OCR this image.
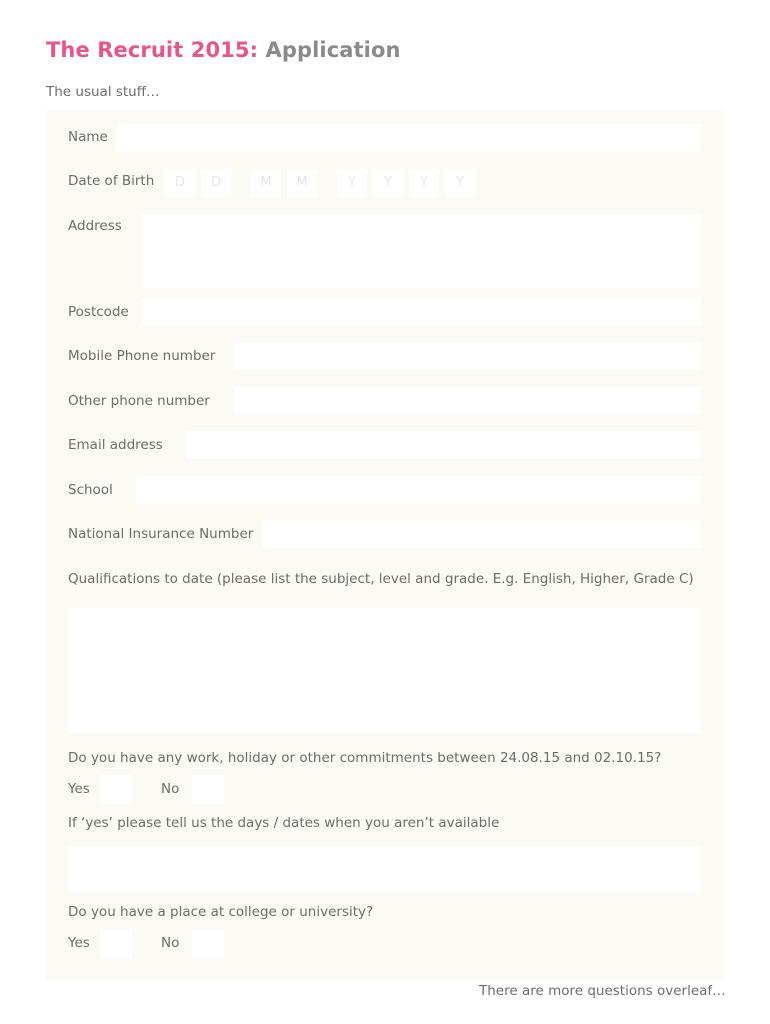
The Recruit 2015: Application
The usual stuff…
Name
Date of Birth	D	D	M	M	Y	Y	Y	Y
Address
Postcode
Mobile Phone number
Other phone number
Email address
School
National Insurance Number
Qualifications to date (please list the subject, level and grade. E.g. English, Higher, Grade C)
Do you have any work, holiday or other commitments between 24.08.15 and 02.10.15?
Yes	No
If ‘yes’ please tell us the days / dates when you aren’t available
Do you have a place at college or university?
Yes	No
There are more questions overleaf…
